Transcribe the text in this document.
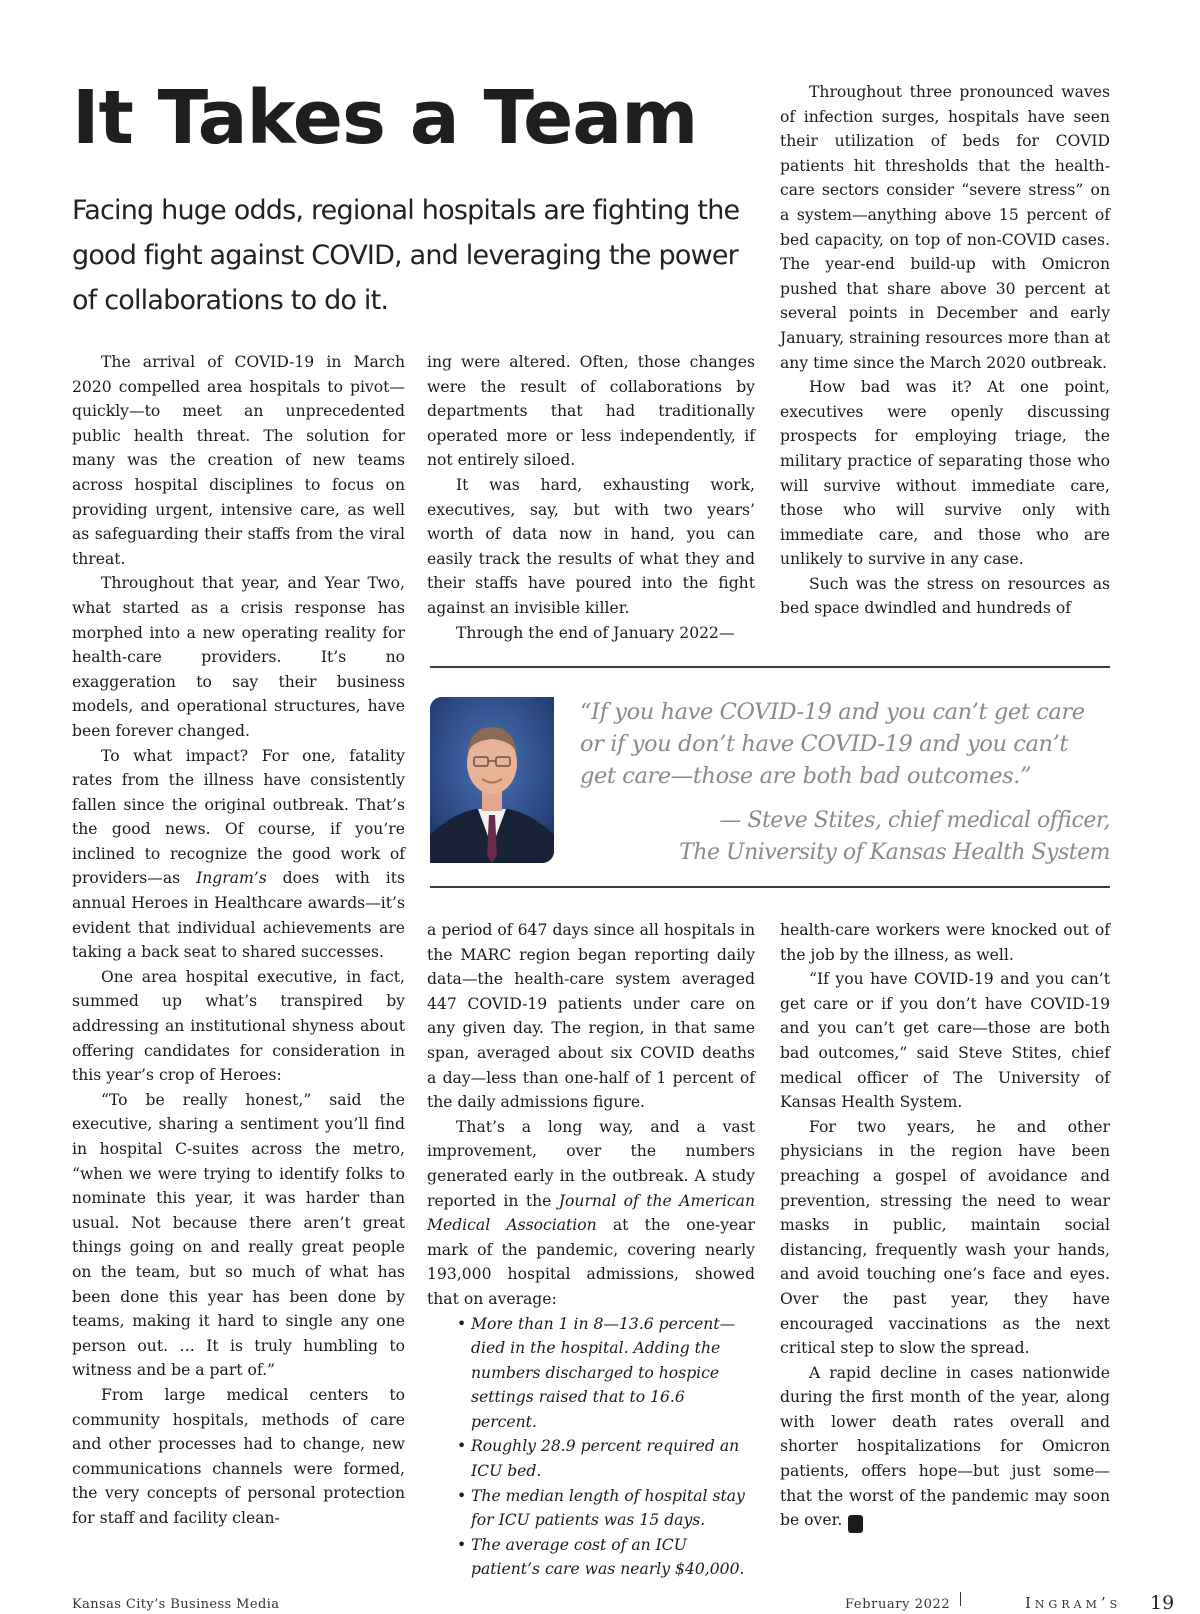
It Takes a Team

Facing huge odds, regional hospitals are fighting the good fight against COVID, and leveraging the power of collaborations to do it.

The arrival of COVID-19 in March 2020 compelled area hospitals to pivot—quickly—to meet an unprecedented public health threat. The solution for many was the creation of new teams across hospital disciplines to focus on providing urgent, intensive care, as well as safeguarding their staffs from the viral threat.

Throughout that year, and Year Two, what started as a crisis response has morphed into a new operating reality for health-care providers. It’s no exaggeration to say their business models, and operational structures, have been forever changed.

To what impact? For one, fatality rates from the illness have consistently fallen since the original outbreak. That’s the good news. Of course, if you’re inclined to recognize the good work of providers—as Ingram’s does with its annual Heroes in Healthcare awards—it’s evident that individual achievements are taking a back seat to shared successes.

One area hospital executive, in fact, summed up what’s transpired by addressing an institutional shyness about offering candidates for consideration in this year’s crop of Heroes:

“To be really honest,” said the executive, sharing a sentiment you’ll find in hospital C-suites across the metro, “when we were trying to identify folks to nominate this year, it was harder than usual. Not because there aren’t great things going on and really great people on the team, but so much of what has been done this year has been done by teams, making it hard to single any one person out. … It is truly humbling to witness and be a part of.”

From large medical centers to community hospitals, methods of care and other processes had to change, new communications channels were formed, the very concepts of personal protection for staff and facility clean-

ing were altered. Often, those changes were the result of collaborations by departments that had traditionally operated more or less independently, if not entirely siloed.

It was hard, exhausting work, executives, say, but with two years’ worth of data now in hand, you can easily track the results of what they and their staffs have poured into the fight against an invisible killer.

Through the end of January 2022—

Throughout three pronounced waves of infection surges, hospitals have seen their utilization of beds for COVID patients hit thresholds that the health-care sectors consider “severe stress” on a system—anything above 15 percent of bed capacity, on top of non-COVID cases. The year-end build-up with Omicron pushed that share above 30 percent at several points in December and early January, straining resources more than at any time since the March 2020 outbreak.

How bad was it? At one point, executives were openly discussing prospects for employing triage, the military practice of separating those who will survive without immediate care, those who will survive only with immediate care, and those who are unlikely to survive in any case.

Such was the stress on resources as bed space dwindled and hundreds of

“If you have COVID-19 and you can’t get care or if you don’t have COVID-19 and you can’t get care—those are both bad outcomes.”

— Steve Stites, chief medical officer,
The University of Kansas Health System

a period of 647 days since all hospitals in the MARC region began reporting daily data—the health-care system averaged 447 COVID-19 patients under care on any given day. The region, in that same span, averaged about six COVID deaths a day—less than one-half of 1 percent of the daily admissions figure.

That’s a long way, and a vast improvement, over the numbers generated early in the outbreak. A study reported in the Journal of the American Medical Association at the one-year mark of the pandemic, covering nearly 193,000 hospital admissions, showed that on average:

• More than 1 in 8—13.6 percent—died in the hospital. Adding the numbers discharged to hospice settings raised that to 16.6 percent.
• Roughly 28.9 percent required an ICU bed.
• The median length of hospital stay for ICU patients was 15 days.
• The average cost of an ICU patient’s care was nearly $40,000.

health-care workers were knocked out of the job by the illness, as well.

“If you have COVID-19 and you can’t get care or if you don’t have COVID-19 and you can’t get care—those are both bad outcomes,” said Steve Stites, chief medical officer of The University of Kansas Health System.

For two years, he and other physicians in the region have been preaching a gospel of avoidance and prevention, stressing the need to wear masks in public, maintain social distancing, frequently wash your hands, and avoid touching one’s face and eyes. Over the past year, they have encouraged vaccinations as the next critical step to slow the spread.

A rapid decline in cases nationwide during the first month of the year, along with lower death rates overall and shorter hospitalizations for Omicron patients, offers hope—but just some—that the worst of the pandemic may soon be over.	I

Kansas City’s Business Media	February 2022	Ingram’s 19
